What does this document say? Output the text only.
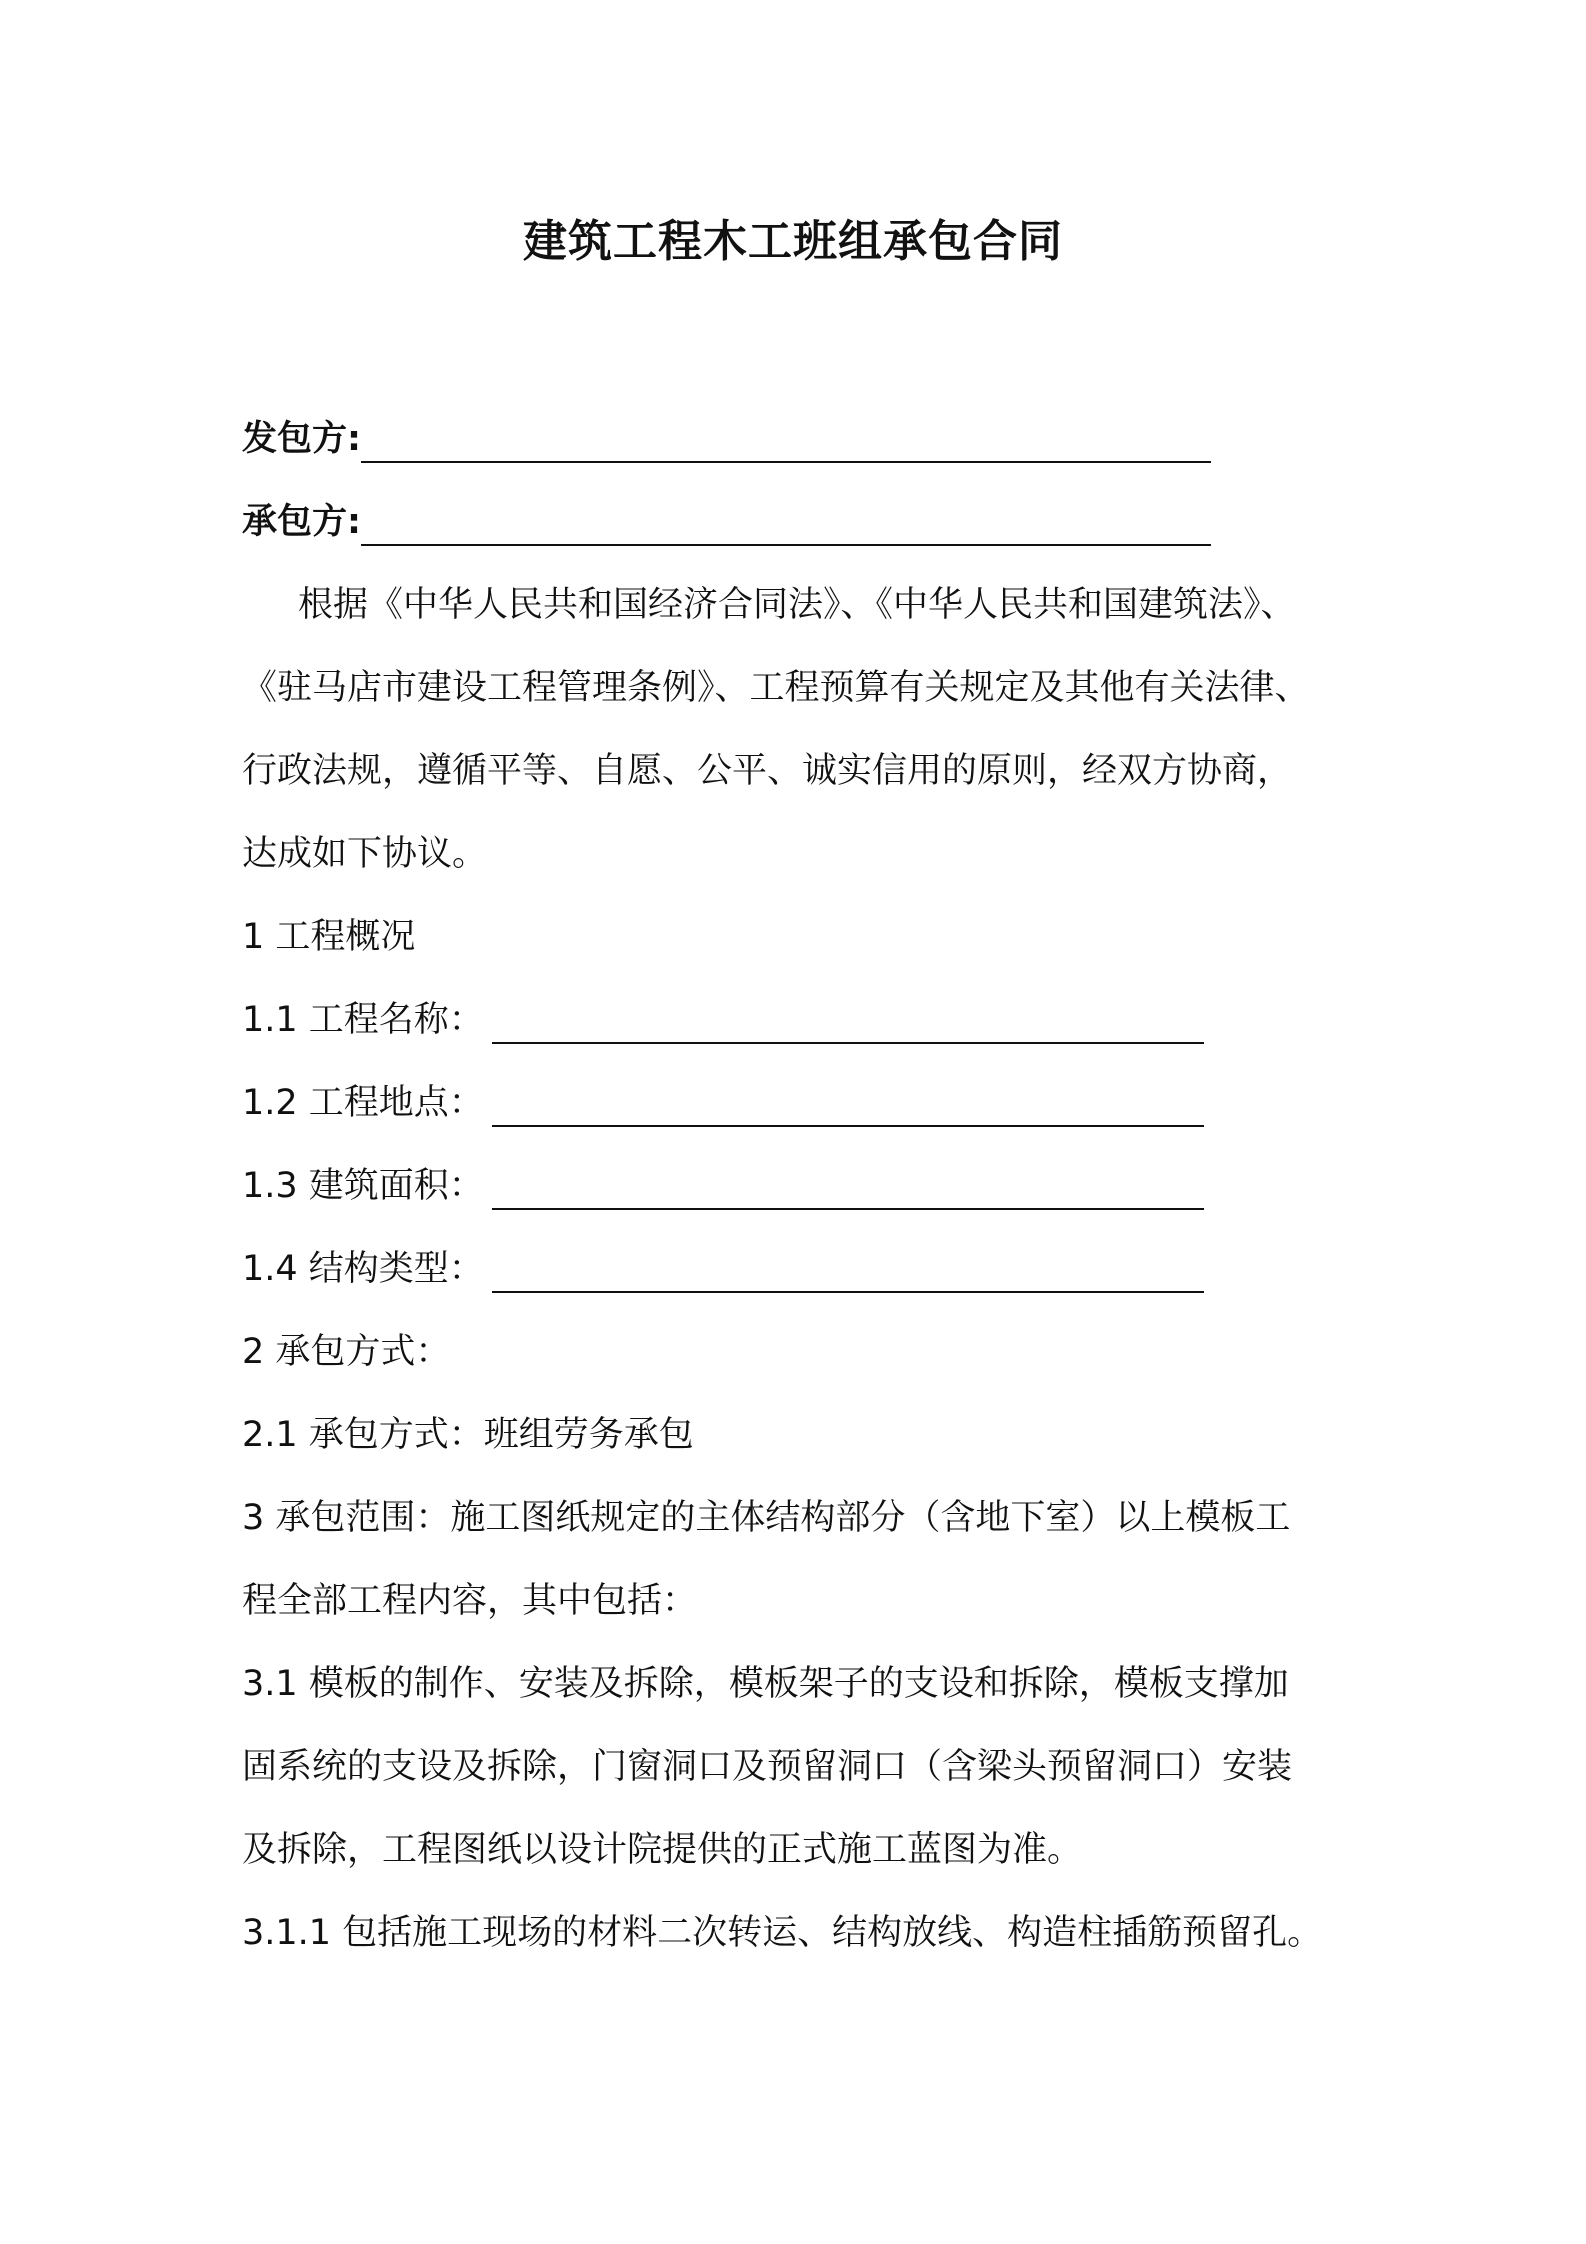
建筑工程木工班组承包合同
发包方:
承包方:
根据《中华人民共和国经济合同法》、《中华人民共和国建筑法》、
《驻马店市建设工程管理条例》、工程预算有关规定及其他有关法律、
行政法规，遵循平等、自愿、公平、诚实信用的原则，经双方协商，
达成如下协议。
1 工程概况
1.1 工程名称：
1.2 工程地点：
1.3 建筑面积：
1.4 结构类型：
2 承包方式：
2.1 承包方式：班组劳务承包
3 承包范围：施工图纸规定的主体结构部分（含地下室）以上模板工
程全部工程内容，其中包括：
3.1 模板的制作、安装及拆除，模板架子的支设和拆除，模板支撑加
固系统的支设及拆除，门窗洞口及预留洞口（含梁头预留洞口）安装
及拆除，工程图纸以设计院提供的正式施工蓝图为准。
3.1.1 包括施工现场的材料二次转运、结构放线、构造柱插筋预留孔。
